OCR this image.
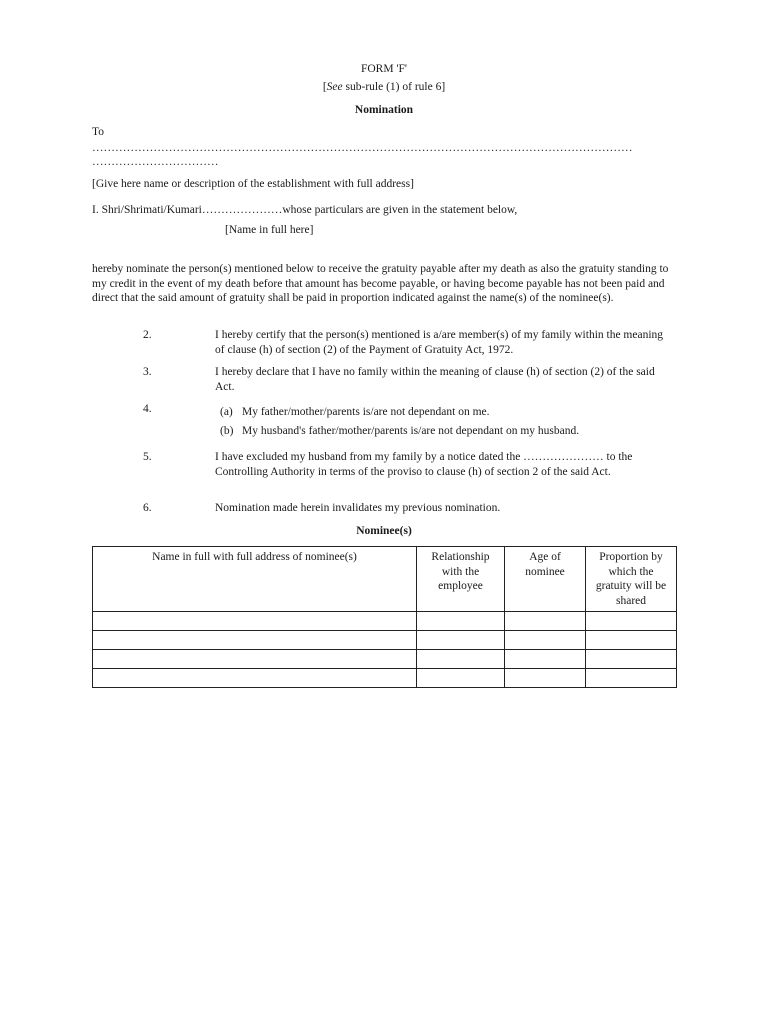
FORM 'F'
[See sub-rule (1) of rule 6]
Nomination
To
……………………………………………………………………………………………………………………………
……………………………
[Give here name or description of the establishment with full address]
I. Shri/Shrimati/Kumari…………………whose particulars are given in the statement below,
[Name in full here]
hereby nominate the person(s) mentioned below to receive the gratuity payable after my death as also the gratuity standing to my credit in the event of my death before that amount has become payable, or having become payable has not been paid and direct that the said amount of gratuity shall be paid in proportion indicated against the name(s) of the nominee(s).
2.	I hereby certify that the person(s) mentioned is a/are member(s) of my family within the meaning of clause (h) of section (2) of the Payment of Gratuity Act, 1972.
3.	I hereby declare that I have no family within the meaning of clause (h) of section (2) of the said Act.
4.	(a) My father/mother/parents is/are not dependant on me.
(b) My husband's father/mother/parents is/are not dependant on my husband.
5.	I have excluded my husband from my family by a notice dated the ………………… to the Controlling Authority in terms of the proviso to clause (h) of section 2 of the said Act.
6.	Nomination made herein invalidates my previous nomination.
Nominee(s)
Name in full with full address of nominee(s)	Relationship with the employee	Age of nominee	Proportion by which the gratuity will be shared
